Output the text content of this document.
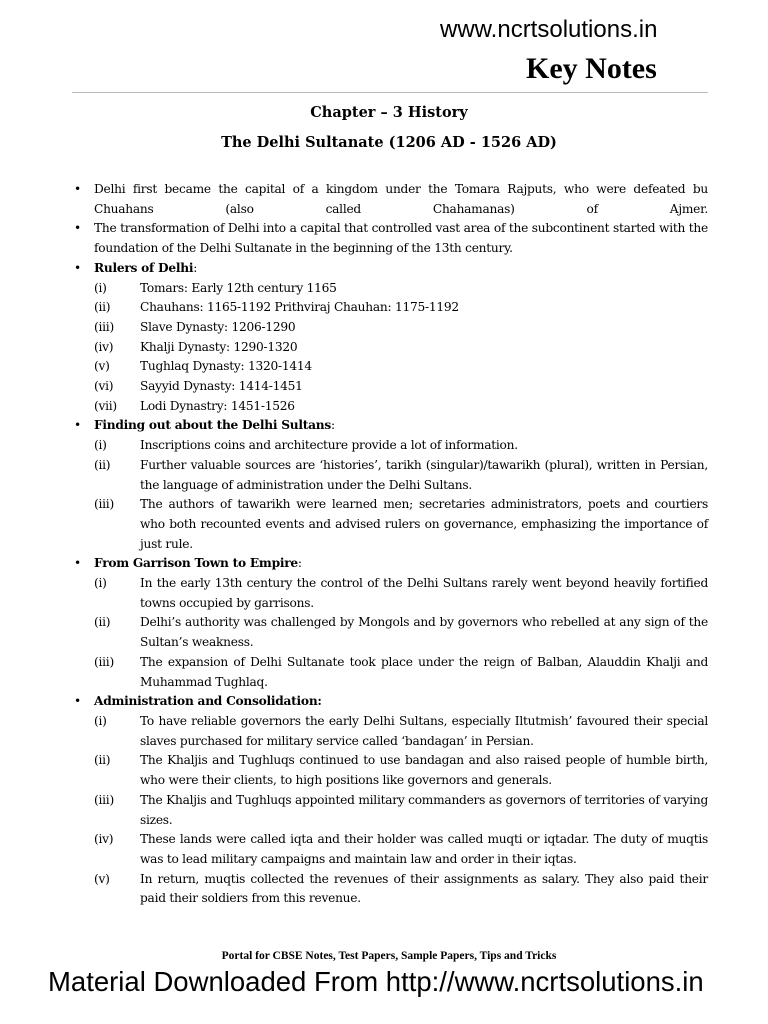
www.ncrtsolutions.in
Key Notes
Chapter – 3 History
The Delhi Sultanate (1206 AD - 1526 AD)
• Delhi first became the capital of a kingdom under the Tomara Rajputs, who were defeated bu Chuahans (also called Chahamanas) of Ajmer.
• The transformation of Delhi into a capital that controlled vast area of the subcontinent started with the foundation of the Delhi Sultanate in the beginning of the 13th century.
• Rulers of Delhi:
(i)	Tomars: Early 12th century 1165

(ii) Chauhans: 1165-1192 Prithviraj Chauhan: 1175-1192

(iii) Slave Dynasty: 1206-1290

(iv) Khalji Dynasty: 1290-1320

(v) Tughlaq Dynasty: 1320-1414

(vi) Sayyid Dynasty: 1414-1451

(vii) Lodi Dynastry: 1451-1526

• Finding out about the Delhi Sultans:
(i)	Inscriptions coins and architecture provide a lot of information.

(ii) Further valuable sources are ‘histories’, tarikh (singular)/tawarikh (plural), written in Persian, the language of administration under the Delhi Sultans.

(iii) The authors of tawarikh were learned men; secretaries administrators, poets and courtiers who both recounted events and advised rulers on governance, emphasizing the importance of just rule.

• From Garrison Town to Empire:
(i)	In the early 13th century the control of the Delhi Sultans rarely went beyond heavily fortified towns occupied by garrisons.

(ii) Delhi’s authority was challenged by Mongols and by governors who rebelled at any sign of the Sultan’s weakness.

(iii) The expansion of Delhi Sultanate took place under the reign of Balban, Alauddin Khalji and Muhammad Tughlaq.

• Administration and Consolidation:
(i)	To have reliable governors the early Delhi Sultans, especially Iltutmish’ favoured their special slaves purchased for military service called ‘bandagan’ in Persian.

(ii) The Khaljis and Tughluqs continued to use bandagan and also raised people of humble birth, who were their clients, to high positions like governors and generals.

(iii) The Khaljis and Tughluqs appointed military commanders as governors of territories of varying sizes.

(iv) These lands were called iqta and their holder was called muqti or iqtadar. The duty of muqtis was to lead military campaigns and maintain law and order in their iqtas.

(v) In return, muqtis collected the revenues of their assignments as salary. They also paid their paid their soldiers from this revenue.

Portal for CBSE Notes, Test Papers, Sample Papers, Tips and Tricks
Material Downloaded From http://www.ncrtsolutions.in
